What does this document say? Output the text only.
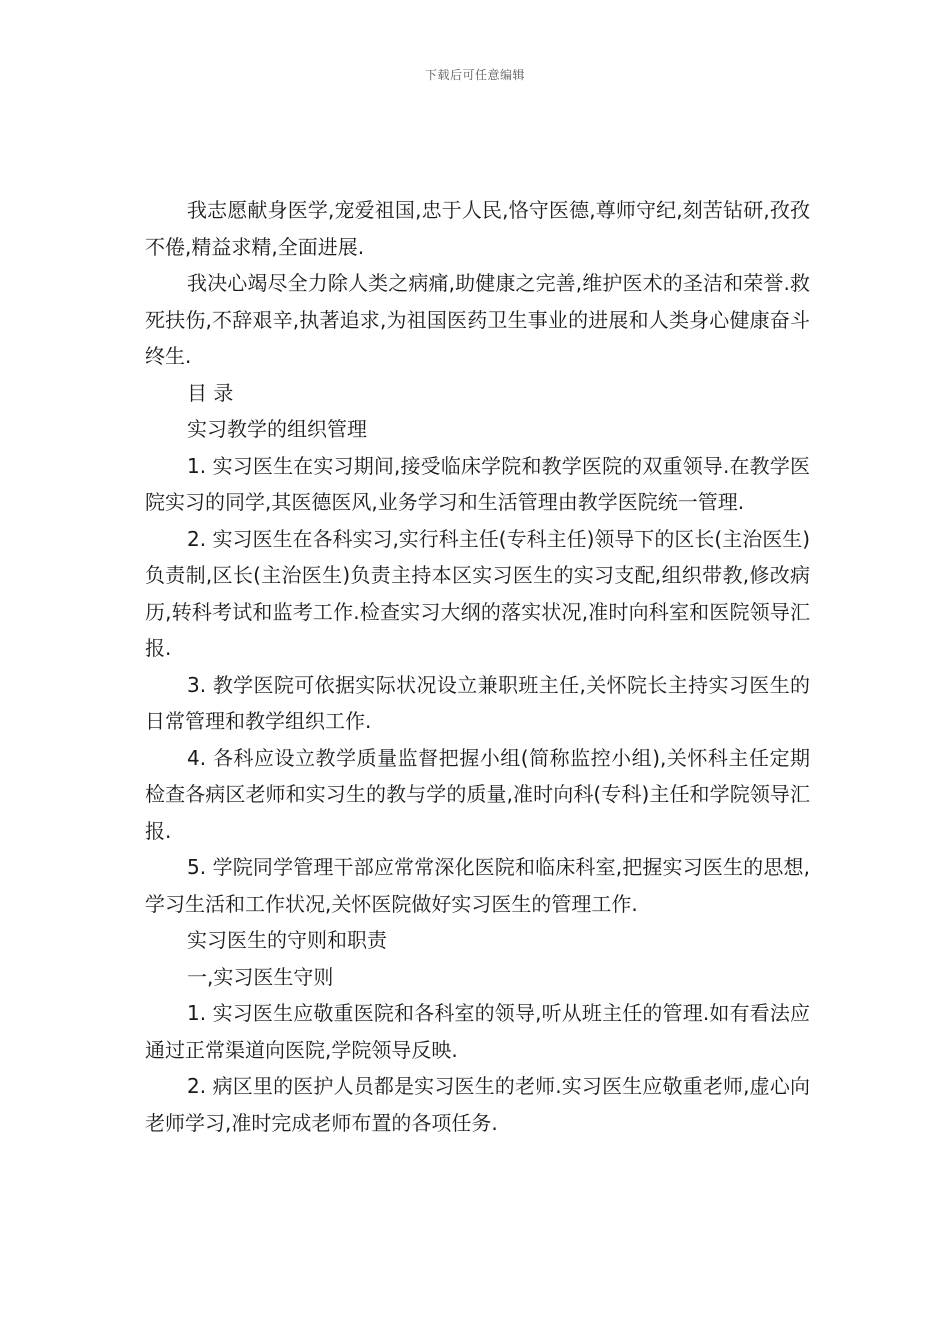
下载后可任意编辑

我志愿献身医学,宠爱祖国,忠于人民,恪守医德,尊师守纪,刻苦钻研,孜孜不倦,精益求精,全面进展.

我决心竭尽全力除人类之病痛,助健康之完善,维护医术的圣洁和荣誉.救死扶伤,不辞艰辛,执著追求,为祖国医药卫生事业的进展和人类身心健康奋斗终生.

目 录

实习教学的组织管理

1. 实习医生在实习期间,接受临床学院和教学医院的双重领导.在教学医院实习的同学,其医德医风,业务学习和生活管理由教学医院统一管理.

2. 实习医生在各科实习,实行科主任(专科主任)领导下的区长(主治医生)负责制,区长(主治医生)负责主持本区实习医生的实习支配,组织带教,修改病历,转科考试和监考工作.检查实习大纲的落实状况,准时向科室和医院领导汇报.

3. 教学医院可依据实际状况设立兼职班主任,关怀院长主持实习医生的日常管理和教学组织工作.

4. 各科应设立教学质量监督把握小组(简称监控小组),关怀科主任定期检查各病区老师和实习生的教与学的质量,准时向科(专科)主任和学院领导汇报.

5. 学院同学管理干部应常常深化医院和临床科室,把握实习医生的思想,学习生活和工作状况,关怀医院做好实习医生的管理工作.

实习医生的守则和职责

一,实习医生守则

1. 实习医生应敬重医院和各科室的领导,听从班主任的管理.如有看法应通过正常渠道向医院,学院领导反映.

2. 病区里的医护人员都是实习医生的老师.实习医生应敬重老师,虚心向老师学习,准时完成老师布置的各项任务.
